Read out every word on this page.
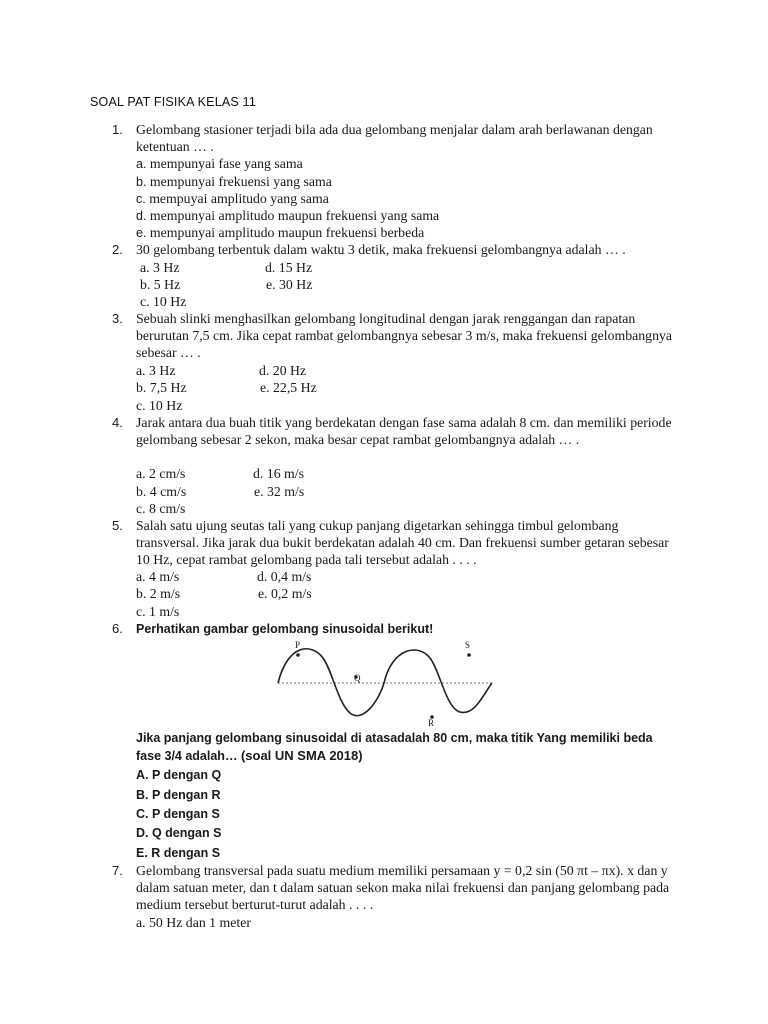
SOAL PAT FISIKA KELAS 11
1. Gelombang stasioner terjadi bila ada dua gelombang menjalar dalam arah berlawanan dengan ketentuan … .
a. mempunyai fase yang sama
b. mempunyai frekuensi yang sama
c. mempuyai amplitudo yang sama
d. mempunyai amplitudo maupun frekuensi yang sama
e. mempunyai amplitudo maupun frekuensi berbeda
2. 30 gelombang terbentuk dalam waktu 3 detik, maka frekuensi gelombangnya adalah … .
a. 3 Hz	d. 15 Hz
b. 5 Hz	e. 30 Hz
c. 10 Hz
3. Sebuah slinki menghasilkan gelombang longitudinal dengan jarak renggangan dan rapatan berurutan 7,5 cm. Jika cepat rambat gelombangnya sebesar 3 m/s, maka frekuensi gelombangnya sebesar … .
a. 3 Hz	d. 20 Hz
b. 7,5 Hz	e. 22,5 Hz
c. 10 Hz
4. Jarak antara dua buah titik yang berdekatan dengan fase sama adalah 8 cm. dan memiliki periode gelombang sebesar 2 sekon, maka besar cepat rambat gelombangnya adalah … .
a. 2 cm/s	d. 16 m/s
b. 4 cm/s	e. 32 m/s
c. 8 cm/s
5. Salah satu ujung seutas tali yang cukup panjang digetarkan sehingga timbul gelombang transversal. Jika jarak dua bukit berdekatan adalah 40 cm. Dan frekuensi sumber getaran sebesar 10 Hz, cepat rambat gelombang pada tali tersebut adalah . . . .
a. 4 m/s	d. 0,4 m/s
b. 2 m/s	e. 0,2 m/s
c. 1 m/s
6.	Perhatikan gambar gelombang sinusoidal berikut!
P
Q
R
S
Jika panjang gelombang sinusoidal di atasadalah 80 cm, maka titik Yang memiliki beda fase 3/4 adalah… (soal UN SMA 2018)
A. P dengan Q
B. P dengan R
C. P dengan S
D. Q dengan S
E. R dengan S
7. Gelombang transversal pada suatu medium memiliki persamaan y = 0,2 sin (50 πt – πx). x dan y dalam satuan meter, dan t dalam satuan sekon maka nilai frekuensi dan panjang gelombang pada medium tersebut berturut-turut adalah . . . .
a. 50 Hz dan 1 meter
